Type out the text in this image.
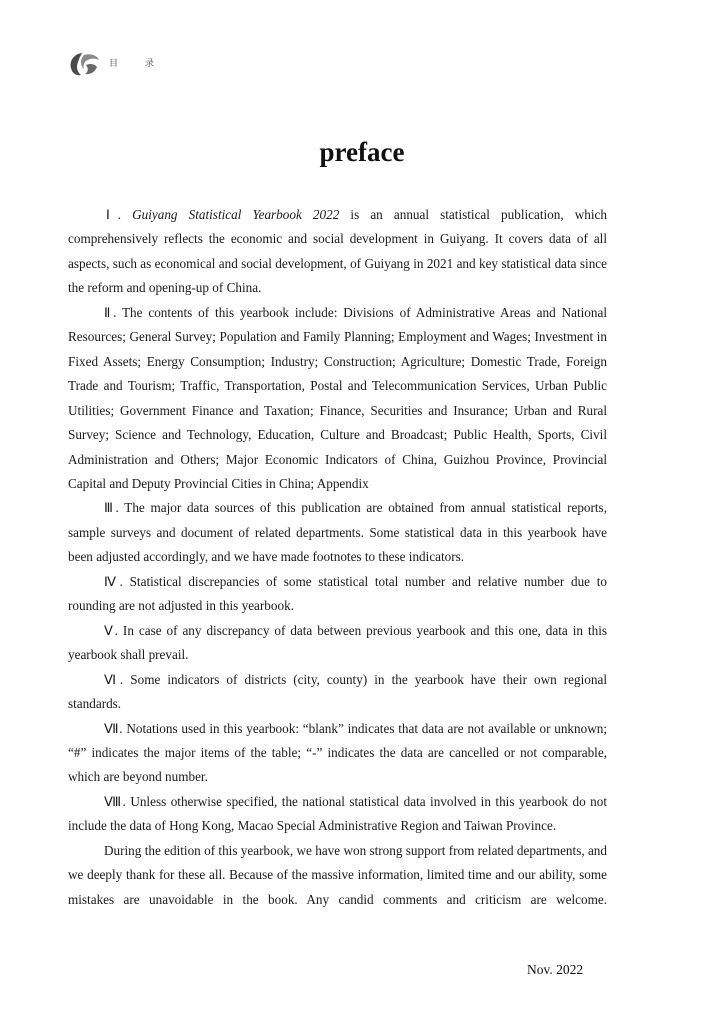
目 录
preface

Ⅰ. Guiyang Statistical Yearbook 2022 is an annual statistical publication, which comprehensively reflects the economic and social development in Guiyang. It covers data of all aspects, such as economical and social development, of Guiyang in 2021 and key statistical data since the reform and opening-up of China.

Ⅱ. The contents of this yearbook include: Divisions of Administrative Areas and National Resources; General Survey; Population and Family Planning; Employment and Wages; Investment in Fixed Assets; Energy Consumption; Industry; Construction; Agriculture; Domestic Trade, Foreign Trade and Tourism; Traffic, Transportation, Postal and Telecommunication Services, Urban Public Utilities; Government Finance and Taxation; Finance, Securities and Insurance; Urban and Rural Survey; Science and Technology, Education, Culture and Broadcast; Public Health, Sports, Civil Administration and Others; Major Economic Indicators of China, Guizhou Province, Provincial Capital and Deputy Provincial Cities in China; Appendix

Ⅲ. The major data sources of this publication are obtained from annual statistical reports, sample surveys and document of related departments. Some statistical data in this yearbook have been adjusted accordingly, and we have made footnotes to these indicators.

Ⅳ. Statistical discrepancies of some statistical total number and relative number due to rounding are not adjusted in this yearbook.

Ⅴ. In case of any discrepancy of data between previous yearbook and this one, data in this yearbook shall prevail.

Ⅵ. Some indicators of districts (city, county) in the yearbook have their own regional standards.

Ⅶ. Notations used in this yearbook: “blank” indicates that data are not available or unknown; “#” indicates the major items of the table; “-” indicates the data are cancelled or not comparable, which are beyond number.

Ⅷ. Unless otherwise specified, the national statistical data involved in this yearbook do not include the data of Hong Kong, Macao Special Administrative Region and Taiwan Province.

During the edition of this yearbook, we have won strong support from related departments, and we deeply thank for these all. Because of the massive information, limited time and our ability, some mistakes are unavoidable in the book. Any candid comments and criticism are welcome.

Nov. 2022
